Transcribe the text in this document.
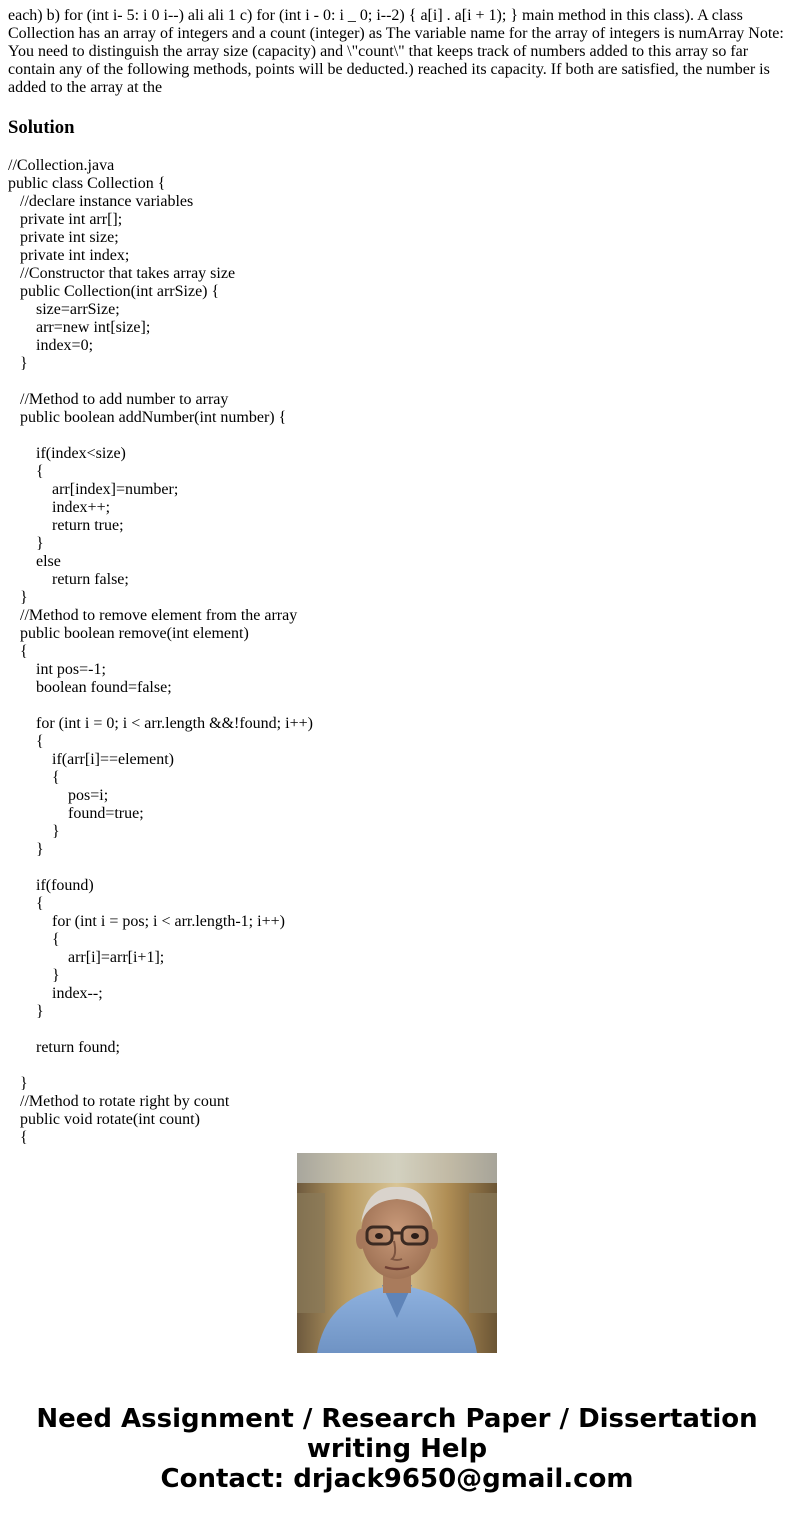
each) b) for (int i- 5: i 0 i--) ali ali 1 c) for (int i - 0: i _ 0; i--2) { a[i] . a[i + 1); } main method in this class). A class Collection has an array of integers and a count (integer) as The variable name for the array of integers is numArray Note: You need to distinguish the array size (capacity) and \"count\" that keeps track of numbers added to this array so far contain any of the following methods, points will be deducted.) reached its capacity. If both are satisfied, the number is added to the array at the

Solution
//Collection.java
public class Collection {
//declare instance variables
private int arr[];
private int size;
private int index;
//Constructor that takes array size
public Collection(int arrSize) {
size=arrSize;
arr=new int[size];
index=0;
}

//Method to add number to array
public boolean addNumber(int number) {

if(index<size)
{
arr[index]=number;
index++;
return true;
}
else
return false;
}
//Method to remove element from the array
public boolean remove(int element)
{
int pos=-1;
boolean found=false;

for (int i = 0; i < arr.length &&!found; i++)
{
if(arr[i]==element)
{
pos=i;
found=true;
}
}

if(found)
{
for (int i = pos; i < arr.length-1; i++)
{
arr[i]=arr[i+1];
}
index--;
}

return found;

}
//Method to rotate right by count
public void rotate(int count)
{
Need Assignment / Research Paper / Dissertation
writing Help
Contact: drjack9650@gmail.com
